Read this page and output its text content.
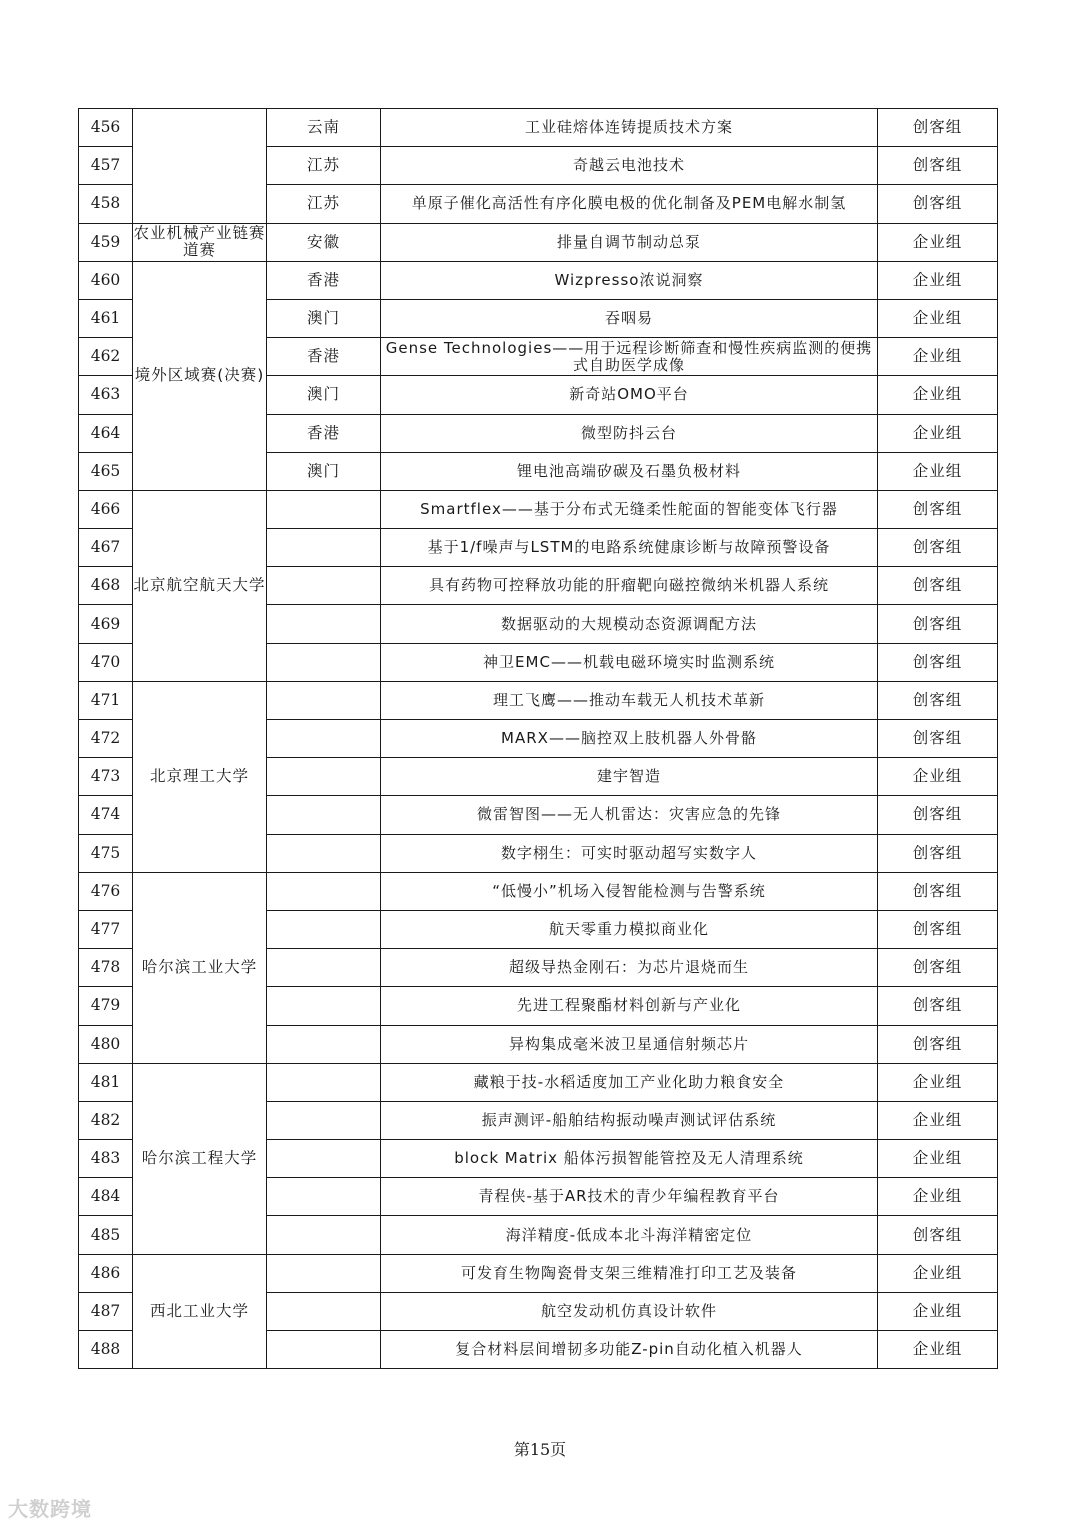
456		云南	工业硅熔体连铸提质技术方案	创客组
457		江苏	奇越云电池技术	创客组
458		江苏	单原子催化高活性有序化膜电极的优化制备及PEM电解水制氢	创客组
459	农业机械产业链赛道赛	安徽	排量自调节制动总泵	企业组
460	境外区域赛(决赛)	香港	Wizpresso浓说洞察	企业组
461		澳门	吞咽易	企业组
462		香港	Gense Technologies——用于远程诊断筛查和慢性疾病监测的便携式自助医学成像	企业组
463		澳门	新奇站OMO平台	企业组
464		香港	微型防抖云台	企业组
465		澳门	锂电池高端矽碳及石墨负极材料	企业组
466	北京航空航天大学		Smartflex——基于分布式无缝柔性舵面的智能变体飞行器	创客组
467			基于1/f噪声与LSTM的电路系统健康诊断与故障预警设备	创客组
468			具有药物可控释放功能的肝瘤靶向磁控微纳米机器人系统	创客组
469			数据驱动的大规模动态资源调配方法	创客组
470			神卫EMC——机载电磁环境实时监测系统	创客组
471	北京理工大学		理工飞鹰——推动车载无人机技术革新	创客组
472			MARX——脑控双上肢机器人外骨骼	创客组
473			建宇智造	企业组
474			微雷智图——无人机雷达：灾害应急的先锋	创客组
475			数字栩生：可实时驱动超写实数字人	创客组
476	哈尔滨工业大学		“低慢小”机场入侵智能检测与告警系统	创客组
477			航天零重力模拟商业化	创客组
478			超级导热金刚石：为芯片退烧而生	创客组
479			先进工程聚酯材料创新与产业化	创客组
480			异构集成毫米波卫星通信射频芯片	创客组
481	哈尔滨工程大学		藏粮于技-水稻适度加工产业化助力粮食安全	企业组
482			振声测评-船舶结构振动噪声测试评估系统	企业组
483			block Matrix 船体污损智能管控及无人清理系统	企业组
484			青程侠-基于AR技术的青少年编程教育平台	企业组
485			海洋精度-低成本北斗海洋精密定位	创客组
486	西北工业大学		可发育生物陶瓷骨支架三维精准打印工艺及装备	企业组
487			航空发动机仿真设计软件	企业组
488			复合材料层间增韧多功能Z-pin自动化植入机器人	企业组
第15页
大数跨境
